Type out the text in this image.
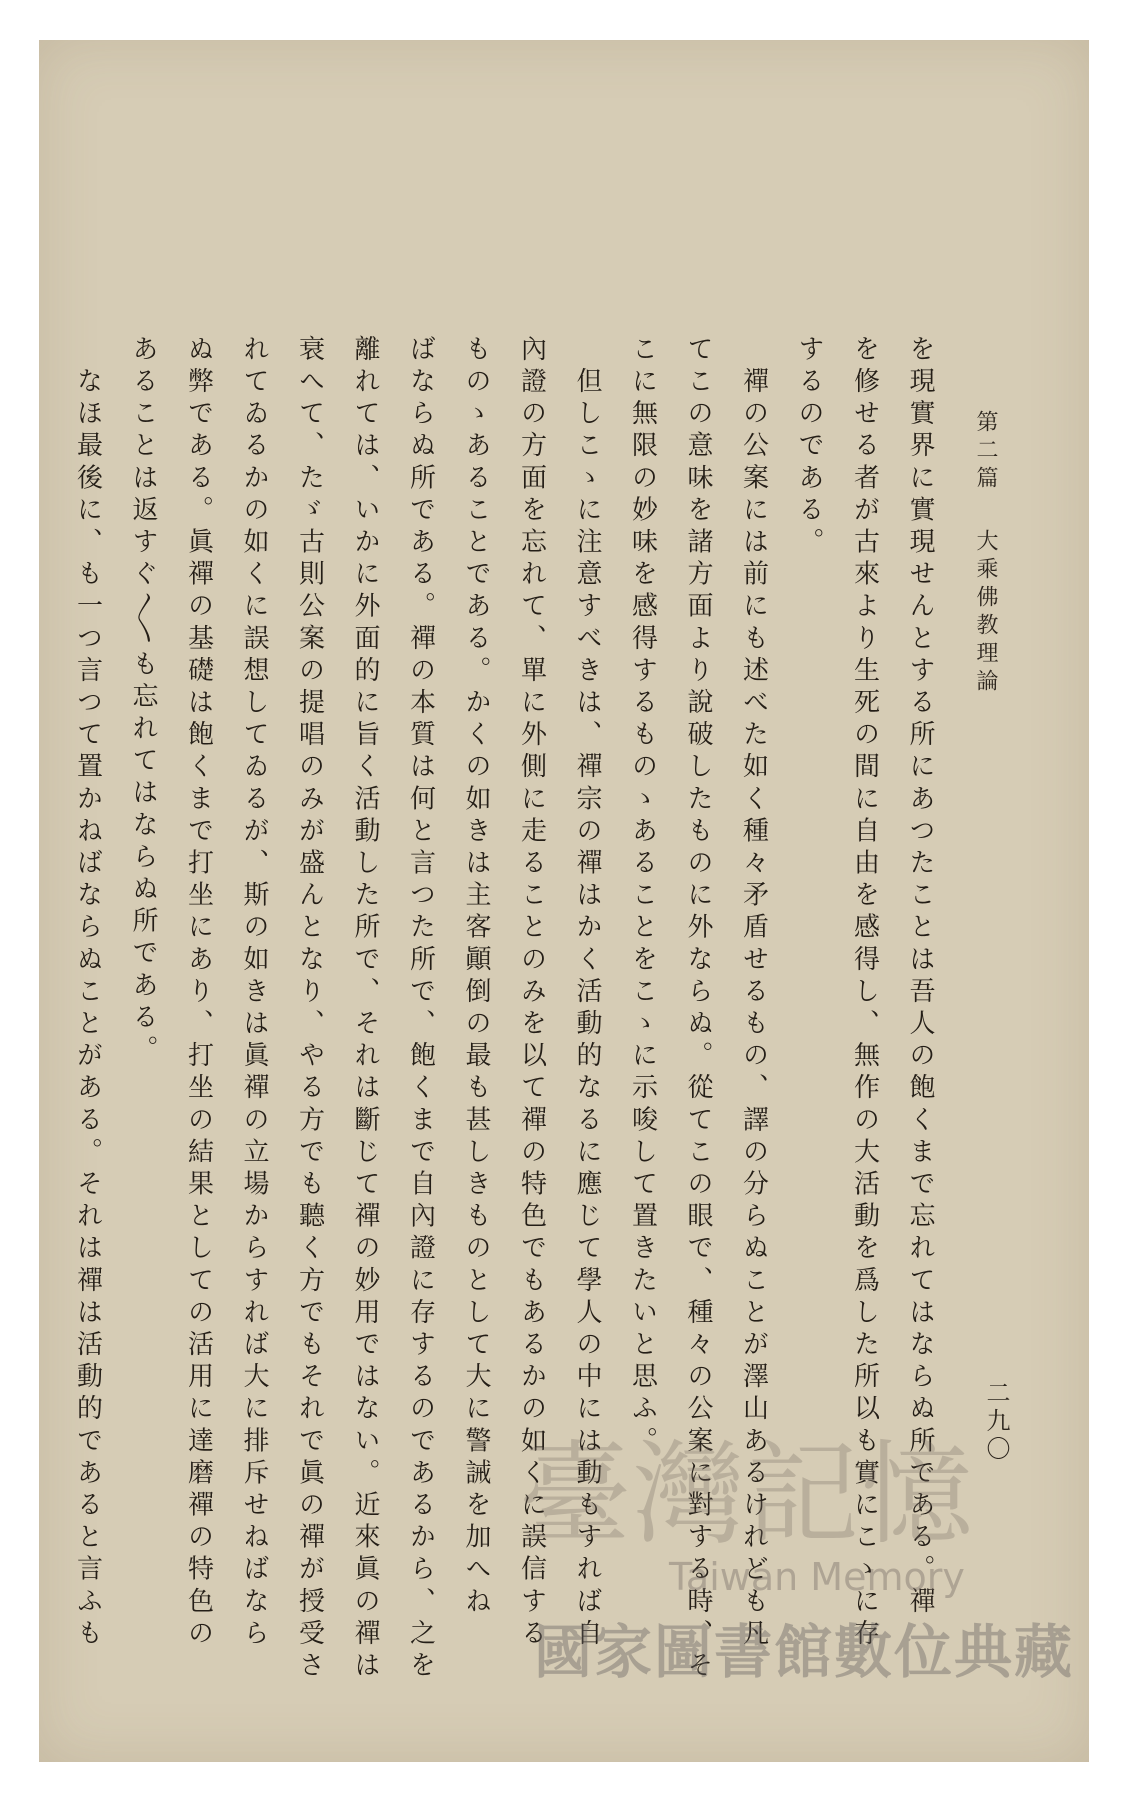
第二篇 大乘佛教理論
二九〇

を現實界に實現せんとする所にあつたことは吾人の飽くまで忘れてはならぬ所である。禪

を修せる者が古來より生死の間に自由を感得し、無作の大活動を爲した所以も實にこゝに存

するのである。

　禪の公案には前にも述べた如く種々矛盾せるもの、譯の分らぬことが澤山あるけれども凡

てこの意味を諸方面より說破したものに外ならぬ。從てこの眼で、種々の公案に對する時、そ

こに無限の妙味を感得するものゝあることをこゝに示唆して置きたいと思ふ。

　但しこゝに注意すべきは、禪宗の禪はかく活動的なるに應じて學人の中には動もすれば自

內證の方面を忘れて、單に外側に走ることのみを以て禪の特色でもあるかの如くに誤信する

ものゝあることである。かくの如きは主客顚倒の最も甚しきものとして大に警誡を加へね

ばならぬ所である。禪の本質は何と言つた所で、飽くまで自內證に存するのであるから、之を

離れては、いかに外面的に旨く活動した所で、それは斷じて禪の妙用ではない。近來眞の禪は

衰へて、たゞ古則公案の提唱のみが盛んとなり、やる方でも聽く方でもそれで眞の禪が授受さ

れてゐるかの如くに誤想してゐるが、斯の如きは眞禪の立場からすれば大に排斥せねばなら

ぬ弊である。眞禪の基礎は飽くまで打坐にあり、打坐の結果としての活用に達磨禪の特色の

あることは返すぐ〳〵も忘れてはならぬ所である。

　なほ最後に、も一つ言つて置かねばならぬことがある。それは禪は活動的であると言ふも	臺灣記憶
Taiwan Memory
國家圖書館數位典藏
